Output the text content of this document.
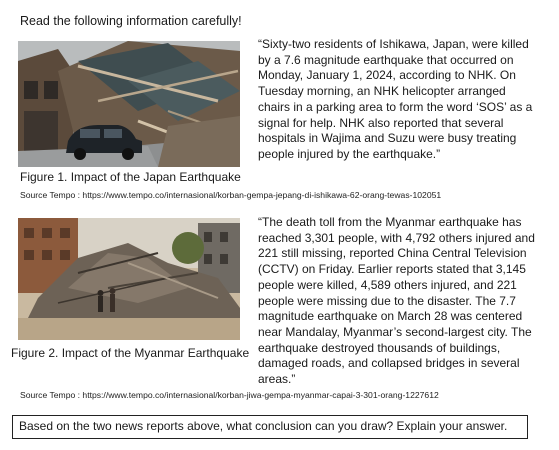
Read the following information carefully!
“Sixty-two residents of Ishikawa, Japan, were killed by a 7.6 magnitude earthquake that occurred on Monday, January 1, 2024, according to NHK. On Tuesday morning, an NHK helicopter arranged chairs in a parking area to form the word ‘SOS’ as a signal for help. NHK also reported that several hospitals in Wajima and Suzu were busy treating people injured by the earthquake.”
Figure 1. Impact of the Japan Earthquake
Source Tempo : https://www.tempo.co/internasional/korban-gempa-jepang-di-ishikawa-62-orang-tewas-102051
“The death toll from the Myanmar earthquake has reached 3,301 people, with 4,792 others injured and 221 still missing, reported China Central Television (CCTV) on Friday. Earlier reports stated that 3,145 people were killed, 4,589 others injured, and 221 people were missing due to the disaster. The 7.7 magnitude earthquake on March 28 was centered near Mandalay, Myanmar’s second-largest city. The earthquake destroyed thousands of buildings, damaged roads, and collapsed bridges in several areas.”
Figure 2. Impact of the Myanmar Earthquake
Source Tempo : https://www.tempo.co/internasional/korban-jiwa-gempa-myanmar-capai-3-301-orang-1227612
Based on the two news reports above, what conclusion can you draw? Explain your answer.
